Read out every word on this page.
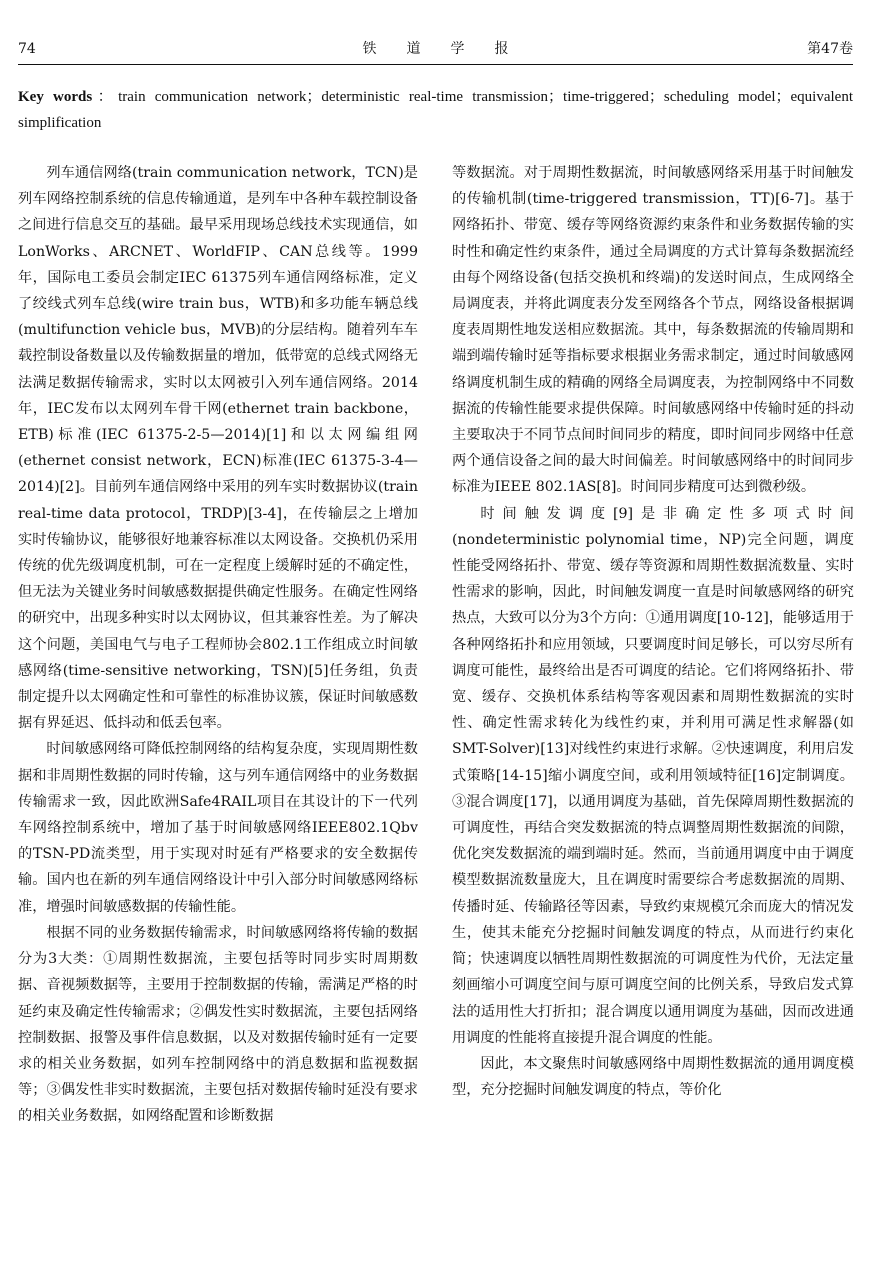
74	铁道学报	第47卷
Key words：train communication network；deterministic real-time transmission；time-triggered；scheduling model；equivalent simplification

列车通信网络(train communication network，TCN)是列车网络控制系统的信息传输通道，是列车中各种车载控制设备之间进行信息交互的基础。最早采用现场总线技术实现通信，如LonWorks、ARCNET、WorldFIP、CAN总线等。1999年，国际电工委员会制定IEC 61375列车通信网络标准，定义了绞线式列车总线(wire train bus，WTB)和多功能车辆总线(multifunction vehicle bus，MVB)的分层结构。随着列车车载控制设备数量以及传输数据量的增加，低带宽的总线式网络无法满足数据传输需求，实时以太网被引入列车通信网络。2014年，IEC发布以太网列车骨干网(ethernet train backbone，ETB)标准(IEC 61375-2-5—2014)[1]和以太网编组网(ethernet consist network，ECN)标准(IEC 61375-3-4—2014)[2]。目前列车通信网络中采用的列车实时数据协议(train real-time data protocol，TRDP)[3-4]，在传输层之上增加实时传输协议，能够很好地兼容标准以太网设备。交换机仍采用传统的优先级调度机制，可在一定程度上缓解时延的不确定性，但无法为关键业务时间敏感数据提供确定性服务。在确定性网络的研究中，出现多种实时以太网协议，但其兼容性差。为了解决这个问题，美国电气与电子工程师协会802.1工作组成立时间敏感网络(time-sensitive networking，TSN)[5]任务组，负责制定提升以太网确定性和可靠性的标准协议簇，保证时间敏感数据有界延迟、低抖动和低丢包率。

时间敏感网络可降低控制网络的结构复杂度，实现周期性数据和非周期性数据的同时传输，这与列车通信网络中的业务数据传输需求一致，因此欧洲Safe4RAIL项目在其设计的下一代列车网络控制系统中，增加了基于时间敏感网络IEEE802.1Qbv的TSN-PD流类型，用于实现对时延有严格要求的安全数据传输。国内也在新的列车通信网络设计中引入部分时间敏感网络标准，增强时间敏感数据的传输性能。

根据不同的业务数据传输需求，时间敏感网络将传输的数据分为3大类：①周期性数据流，主要包括等时同步实时周期数据、音视频数据等，主要用于控制数据的传输，需满足严格的时延约束及确定性传输需求；②偶发性实时数据流，主要包括网络控制数据、报警及事件信息数据，以及对数据传输时延有一定要求的相关业务数据，如列车控制网络中的消息数据和监视数据等；③偶发性非实时数据流，主要包括对数据传输时延没有要求的相关业务数据，如网络配置和诊断数据

等数据流。对于周期性数据流，时间敏感网络采用基于时间触发的传输机制(time-triggered transmission，TT)[6-7]。基于网络拓扑、带宽、缓存等网络资源约束条件和业务数据传输的实时性和确定性约束条件，通过全局调度的方式计算每条数据流经由每个网络设备(包括交换机和终端)的发送时间点，生成网络全局调度表，并将此调度表分发至网络各个节点，网络设备根据调度表周期性地发送相应数据流。其中，每条数据流的传输周期和端到端传输时延等指标要求根据业务需求制定，通过时间敏感网络调度机制生成的精确的网络全局调度表，为控制网络中不同数据流的传输性能要求提供保障。时间敏感网络中传输时延的抖动主要取决于不同节点间时间同步的精度，即时间同步网络中任意两个通信设备之间的最大时间偏差。时间敏感网络中的时间同步标准为IEEE 802.1AS[8]。时间同步精度可达到微秒级。

时间触发调度[9]是非确定性多项式时间(nondeterministic polynomial time，NP)完全问题，调度性能受网络拓扑、带宽、缓存等资源和周期性数据流数量、实时性需求的影响，因此，时间触发调度一直是时间敏感网络的研究热点，大致可以分为3个方向：①通用调度[10-12]，能够适用于各种网络拓扑和应用领域，只要调度时间足够长，可以穷尽所有调度可能性，最终给出是否可调度的结论。它们将网络拓扑、带宽、缓存、交换机体系结构等客观因素和周期性数据流的实时性、确定性需求转化为线性约束，并利用可满足性求解器(如SMT-Solver)[13]对线性约束进行求解。②快速调度，利用启发式策略[14-15]缩小调度空间，或利用领域特征[16]定制调度。③混合调度[17]，以通用调度为基础，首先保障周期性数据流的可调度性，再结合突发数据流的特点调整周期性数据流的间隙，优化突发数据流的端到端时延。然而，当前通用调度中由于调度模型数据流数量庞大，且在调度时需要综合考虑数据流的周期、传播时延、传输路径等因素，导致约束规模冗余而庞大的情况发生，使其未能充分挖掘时间触发调度的特点，从而进行约束化简；快速调度以牺牲周期性数据流的可调度性为代价，无法定量刻画缩小可调度空间与原可调度空间的比例关系，导致启发式算法的适用性大打折扣；混合调度以通用调度为基础，因而改进通用调度的性能将直接提升混合调度的性能。

因此，本文聚焦时间敏感网络中周期性数据流的通用调度模型，充分挖掘时间触发调度的特点，等价化
